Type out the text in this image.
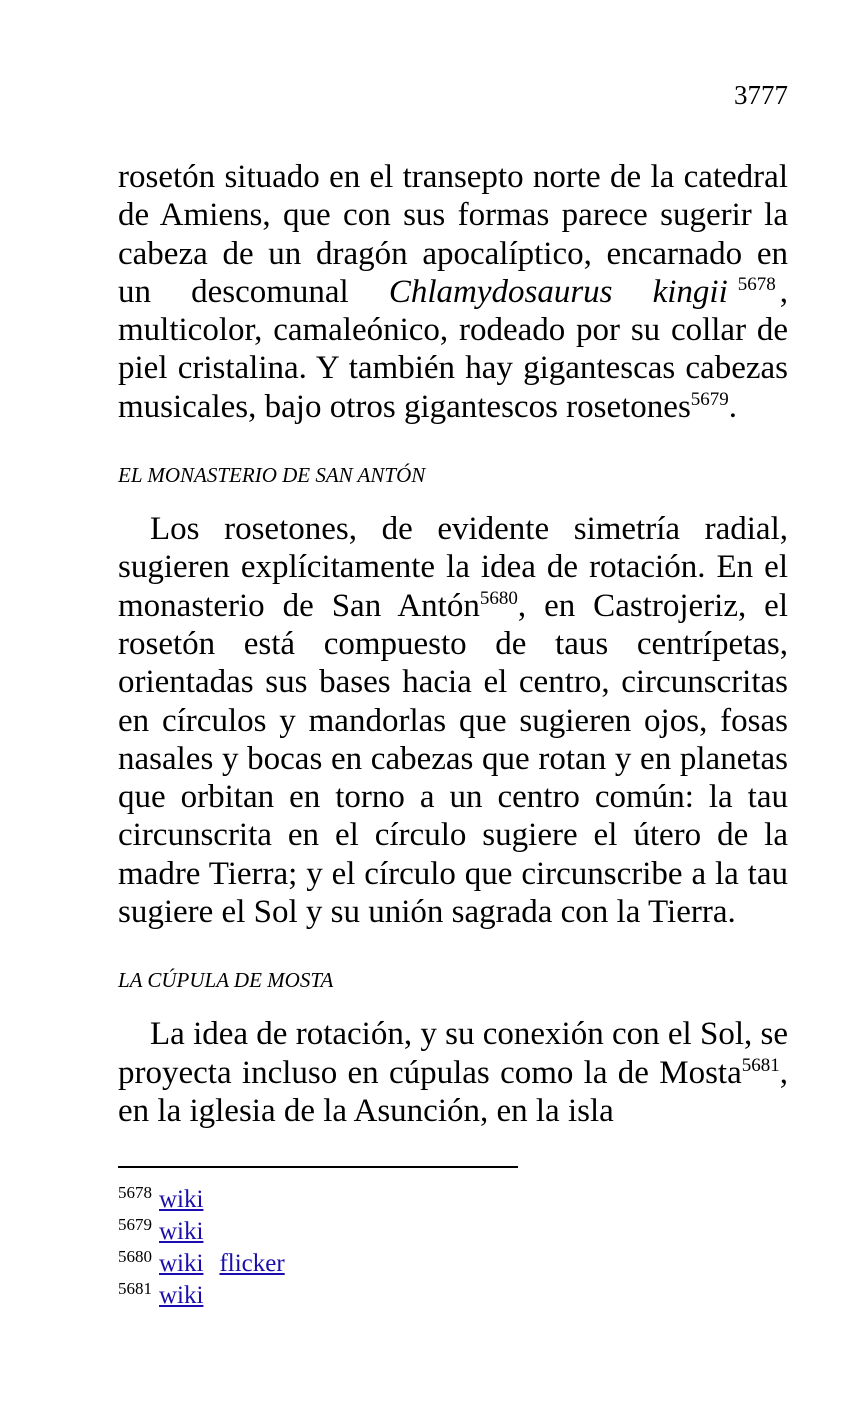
3777

rosetón situado en el transepto norte de la catedral de Amiens, que con sus formas parece sugerir la cabeza de un dragón apocalíptico, encarnado en un descomunal Chlamydosaurus kingii $^{5678}$ , multicolor, camaleónico, rodeado por su collar de piel cristalina. Y también hay gigantescas cabezas musicales, bajo otros gigantescos rosetones$^{5679}$.

EL MONASTERIO DE SAN ANTÓN

Los rosetones, de evidente simetría radial, sugieren explícitamente la idea de rotación. En el monasterio de San Antón$^{5680}$, en Castrojeriz, el rosetón está compuesto de taus centrípetas, orientadas sus bases hacia el centro, circunscritas en círculos y mandorlas que sugieren ojos, fosas nasales y bocas en cabezas que rotan y en planetas que orbitan en torno a un centro común: la tau circunscrita en el círculo sugiere el útero de la madre Tierra; y el círculo que circunscribe a la tau sugiere el Sol y su unión sagrada con la Tierra.

LA CÚPULA DE MOSTA

La idea de rotación, y su conexión con el Sol, se proyecta incluso en cúpulas como la de Mosta$^{5681}$, en la iglesia de la Asunción, en la isla

$^{5678}$ wiki
$^{5679}$ wiki
$^{5680}$ wiki flicker
$^{5681}$ wiki
